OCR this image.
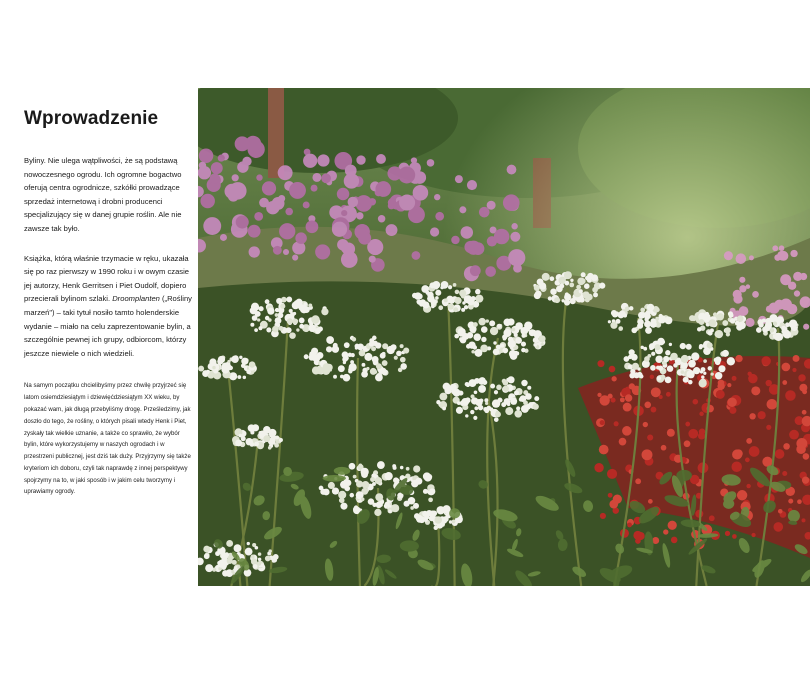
Wprowadzenie

Byliny. Nie ulega wątpliwości, że są podstawą nowoczesnego ogrodu. Ich ogromne bogactwo oferują centra ogrodnicze, szkółki prowadzące sprzedaż internetową i drobni producenci specjalizujący się w danej grupie roślin. Ale nie zawsze tak było.

Książka, którą właśnie trzymacie w ręku, ukazała się po raz pierwszy w 1990 roku i w owym czasie jej autorzy, Henk Gerritsen i Piet Oudolf, dopiero przecierali bylinom szlaki. Droomplanten („Rośliny marzeń") – taki tytuł nosiło tamto holenderskie wydanie – miało na celu zaprezentowanie bylin, a szczególnie pewnej ich grupy, odbiorcom, którzy jeszcze niewiele o nich wiedzieli.

Na samym początku chcielibyśmy przez chwilę przyjrzeć się latom osiemdziesiątym i dziewięćdziesiątym XX wieku, by pokazać wam, jak długą przebyliśmy drogę. Prześledzimy, jak doszło do tego, że rośliny, o których pisali wtedy Henk i Piet, zyskały tak wielkie uznanie, a także co sprawiło, że wybór bylin, które wykorzystujemy w naszych ogrodach i w przestrzeni publicznej, jest dziś tak duży. Przyjrzymy się także kryteriom ich doboru, czyli tak naprawdę z innej perspektywy spojrzymy na to, w jaki sposób i w jakim celu tworzymy i uprawiamy ogrody.
